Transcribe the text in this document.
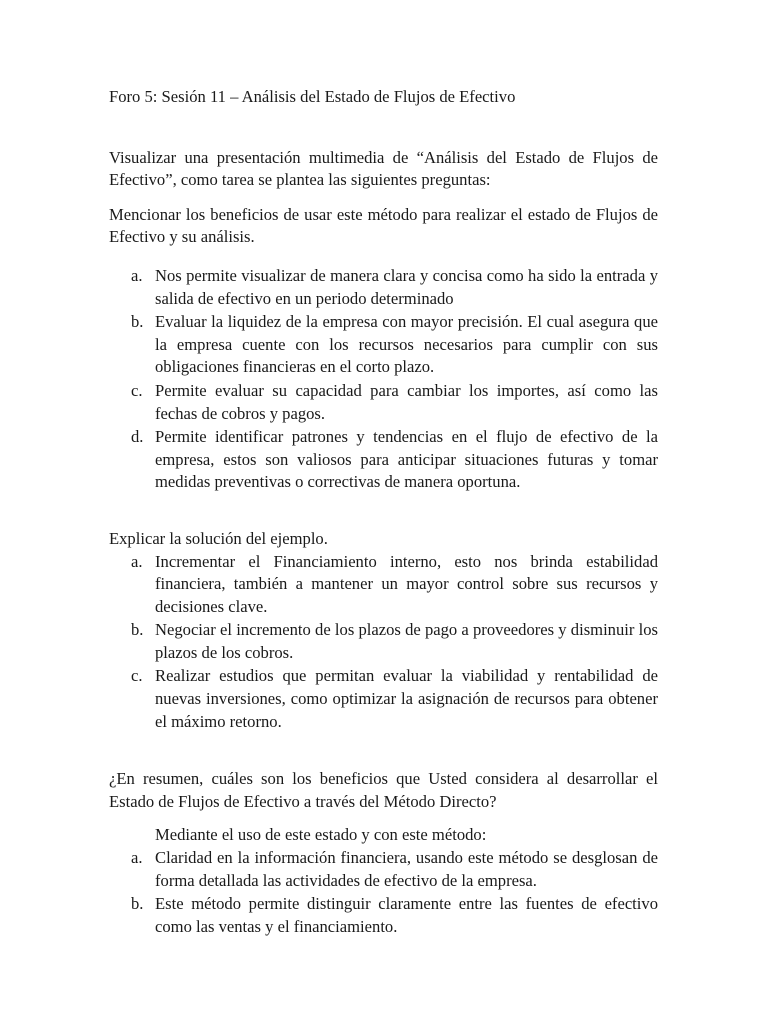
Foro 5: Sesión 11 – Análisis del Estado de Flujos de Efectivo

Visualizar una presentación multimedia de “Análisis del Estado de Flujos de Efectivo”, como tarea se plantea las siguientes preguntas:

Mencionar los beneficios de usar este método para realizar el estado de Flujos de Efectivo y su análisis.

a. Nos permite visualizar de manera clara y concisa como ha sido la entrada y salida de efectivo en un periodo determinado
b. Evaluar la liquidez de la empresa con mayor precisión. El cual asegura que la empresa cuente con los recursos necesarios para cumplir con sus obligaciones financieras en el corto plazo.
c. Permite evaluar su capacidad para cambiar los importes, así como las fechas de cobros y pagos.
d. Permite identificar patrones y tendencias en el flujo de efectivo de la empresa, estos son valiosos para anticipar situaciones futuras y tomar medidas preventivas o correctivas de manera oportuna.

Explicar la solución del ejemplo.

a. Incrementar el Financiamiento interno, esto nos brinda estabilidad financiera, también a mantener un mayor control sobre sus recursos y decisiones clave.
b. Negociar el incremento de los plazos de pago a proveedores y disminuir los plazos de los cobros.
c. Realizar estudios que permitan evaluar la viabilidad y rentabilidad de nuevas inversiones, como optimizar la asignación de recursos para obtener el máximo retorno.

¿En resumen, cuáles son los beneficios que Usted considera al desarrollar el Estado de Flujos de Efectivo a través del Método Directo?

Mediante el uso de este estado y con este método:

a. Claridad en la información financiera, usando este método se desglosan de forma detallada las actividades de efectivo de la empresa.
b. Este método permite distinguir claramente entre las fuentes de efectivo como las ventas y el financiamiento.
